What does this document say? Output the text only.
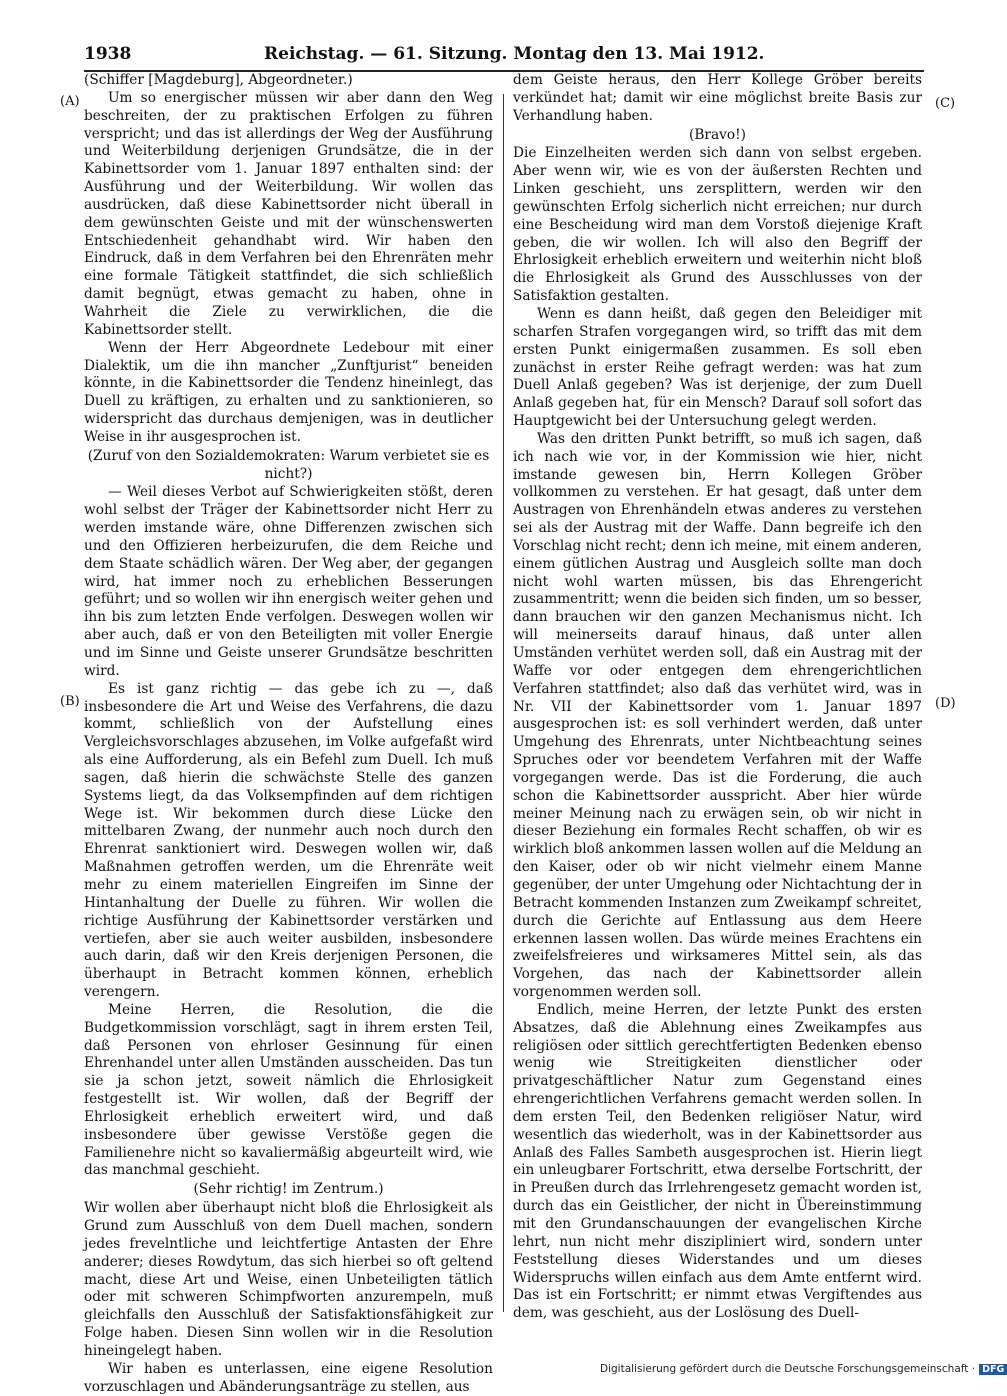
1938	Reichstag. — 61. Sitzung. Montag den 13. Mai 1912.
(A)
(B)
(C)
(D)

(Schiffer [Magdeburg], Abgeordneter.)

Um so energischer müssen wir aber dann den Weg beschreiten, der zu praktischen Erfolgen zu führen verspricht; und das ist allerdings der Weg der Ausführung und Weiterbildung derjenigen Grundsätze, die in der Kabinettsorder vom 1. Januar 1897 enthalten sind: der Ausführung und der Weiterbildung. Wir wollen das ausdrücken, daß diese Kabinettsorder nicht überall in dem gewünschten Geiste und mit der wünschenswerten Entschiedenheit gehandhabt wird. Wir haben den Eindruck, daß in dem Verfahren bei den Ehrenräten mehr eine formale Tätigkeit stattfindet, die sich schließlich damit begnügt, etwas gemacht zu haben, ohne in Wahrheit die Ziele zu verwirklichen, die die Kabinettsorder stellt.

Wenn der Herr Abgeordnete Ledebour mit einer Dialektik, um die ihn mancher „Zunftjurist“ beneiden könnte, in die Kabinettsorder die Tendenz hineinlegt, das Duell zu kräftigen, zu erhalten und zu sanktionieren, so widerspricht das durchaus demjenigen, was in deutlicher Weise in ihr ausgesprochen ist.

(Zuruf von den Sozialdemokraten: Warum verbietet sie es nicht?)

— Weil dieses Verbot auf Schwierigkeiten stößt, deren wohl selbst der Träger der Kabinettsorder nicht Herr zu werden imstande wäre, ohne Differenzen zwischen sich und den Offizieren herbeizurufen, die dem Reiche und dem Staate schädlich wären. Der Weg aber, der gegangen wird, hat immer noch zu erheblichen Besserungen geführt; und so wollen wir ihn energisch weiter gehen und ihn bis zum letzten Ende verfolgen. Deswegen wollen wir aber auch, daß er von den Beteiligten mit voller Energie und im Sinne und Geiste unserer Grundsätze beschritten wird.

Es ist ganz richtig — das gebe ich zu —, daß insbesondere die Art und Weise des Verfahrens, die dazu kommt, schließlich von der Aufstellung eines Vergleichsvorschlages abzusehen, im Volke aufgefaßt wird als eine Aufforderung, als ein Befehl zum Duell. Ich muß sagen, daß hierin die schwächste Stelle des ganzen Systems liegt, da das Volksempfinden auf dem richtigen Wege ist. Wir bekommen durch diese Lücke den mittelbaren Zwang, der nunmehr auch noch durch den Ehrenrat sanktioniert wird. Deswegen wollen wir, daß Maßnahmen getroffen werden, um die Ehrenräte weit mehr zu einem materiellen Eingreifen im Sinne der Hintanhaltung der Duelle zu führen. Wir wollen die richtige Ausführung der Kabinettsorder verstärken und vertiefen, aber sie auch weiter ausbilden, insbesondere auch darin, daß wir den Kreis derjenigen Personen, die überhaupt in Betracht kommen können, erheblich verengern.

Meine Herren, die Resolution, die die Budgetkommission vorschlägt, sagt in ihrem ersten Teil, daß Personen von ehrloser Gesinnung für einen Ehrenhandel unter allen Umständen ausscheiden. Das tun sie ja schon jetzt, soweit nämlich die Ehrlosigkeit festgestellt ist. Wir wollen, daß der Begriff der Ehrlosigkeit erheblich erweitert wird, und daß insbesondere über gewisse Verstöße gegen die Familienehre nicht so kavaliermäßig abgeurteilt wird, wie das manchmal geschieht.

(Sehr richtig! im Zentrum.)

Wir wollen aber überhaupt nicht bloß die Ehrlosigkeit als Grund zum Ausschluß von dem Duell machen, sondern jedes frevelntliche und leichtfertige Antasten der Ehre anderer; dieses Rowdytum, das sich hierbei so oft geltend macht, diese Art und Weise, einen Unbeteiligten tätlich oder mit schweren Schimpfworten anzurempeln, muß gleichfalls den Ausschluß der Satisfaktionsfähigkeit zur Folge haben. Diesen Sinn wollen wir in die Resolution hineingelegt haben.

Wir haben es unterlassen, eine eigene Resolution vorzuschlagen und Abänderungsanträge zu stellen, aus

dem Geiste heraus, den Herr Kollege Gröber bereits verkündet hat; damit wir eine möglichst breite Basis zur Verhandlung haben.

(Bravo!)

Die Einzelheiten werden sich dann von selbst ergeben. Aber wenn wir, wie es von der äußersten Rechten und Linken geschieht, uns zersplittern, werden wir den gewünschten Erfolg sicherlich nicht erreichen; nur durch eine Bescheidung wird man dem Vorstoß diejenige Kraft geben, die wir wollen. Ich will also den Begriff der Ehrlosigkeit erheblich erweitern und weiterhin nicht bloß die Ehrlosigkeit als Grund des Ausschlusses von der Satisfaktion gestalten.

Wenn es dann heißt, daß gegen den Beleidiger mit scharfen Strafen vorgegangen wird, so trifft das mit dem ersten Punkt einigermaßen zusammen. Es soll eben zunächst in erster Reihe gefragt werden: was hat zum Duell Anlaß gegeben? Was ist derjenige, der zum Duell Anlaß gegeben hat, für ein Mensch? Darauf soll sofort das Hauptgewicht bei der Untersuchung gelegt werden.

Was den dritten Punkt betrifft, so muß ich sagen, daß ich nach wie vor, in der Kommission wie hier, nicht imstande gewesen bin, Herrn Kollegen Gröber vollkommen zu verstehen. Er hat gesagt, daß unter dem Austragen von Ehrenhändeln etwas anderes zu verstehen sei als der Austrag mit der Waffe. Dann begreife ich den Vorschlag nicht recht; denn ich meine, mit einem anderen, einem gütlichen Austrag und Ausgleich sollte man doch nicht wohl warten müssen, bis das Ehrengericht zusammentritt; wenn die beiden sich finden, um so besser, dann brauchen wir den ganzen Mechanismus nicht. Ich will meinerseits darauf hinaus, daß unter allen Umständen verhütet werden soll, daß ein Austrag mit der Waffe vor oder entgegen dem ehrengerichtlichen Verfahren stattfindet; also daß das verhütet wird, was in Nr. VII der Kabinettsorder vom 1. Januar 1897 ausgesprochen ist: es soll verhindert werden, daß unter Umgehung des Ehrenrats, unter Nichtbeachtung seines Spruches oder vor beendetem Verfahren mit der Waffe vorgegangen werde. Das ist die Forderung, die auch schon die Kabinettsorder ausspricht. Aber hier würde meiner Meinung nach zu erwägen sein, ob wir nicht in dieser Beziehung ein formales Recht schaffen, ob wir es wirklich bloß ankommen lassen wollen auf die Meldung an den Kaiser, oder ob wir nicht vielmehr einem Manne gegenüber, der unter Umgehung oder Nichtachtung der in Betracht kommenden Instanzen zum Zweikampf schreitet, durch die Gerichte auf Entlassung aus dem Heere erkennen lassen wollen. Das würde meines Erachtens ein zweifelsfreieres und wirksameres Mittel sein, als das Vorgehen, das nach der Kabinettsorder allein vorgenommen werden soll.

Endlich, meine Herren, der letzte Punkt des ersten Absatzes, daß die Ablehnung eines Zweikampfes aus religiösen oder sittlich gerechtfertigten Bedenken ebenso wenig wie Streitigkeiten dienstlicher oder privatgeschäftlicher Natur zum Gegenstand eines ehrengerichtlichen Verfahrens gemacht werden sollen. In dem ersten Teil, den Bedenken religiöser Natur, wird wesentlich das wiederholt, was in der Kabinettsorder aus Anlaß des Falles Sambeth ausgesprochen ist. Hierin liegt ein unleugbarer Fortschritt, etwa derselbe Fortschritt, der in Preußen durch das Irrlehrengesetz gemacht worden ist, durch das ein Geistlicher, der nicht in Übereinstimmung mit den Grundanschauungen der evangelischen Kirche lehrt, nun nicht mehr diszipliniert wird, sondern unter Feststellung dieses Widerstandes und um dieses Widerspruchs willen einfach aus dem Amte entfernt wird. Das ist ein Fortschritt; er nimmt etwas Vergiftendes aus dem, was geschieht, aus der Loslösung des Duell-

Digitalisierung gefördert durch die Deutsche Forschungsgemeinschaft · DFG
